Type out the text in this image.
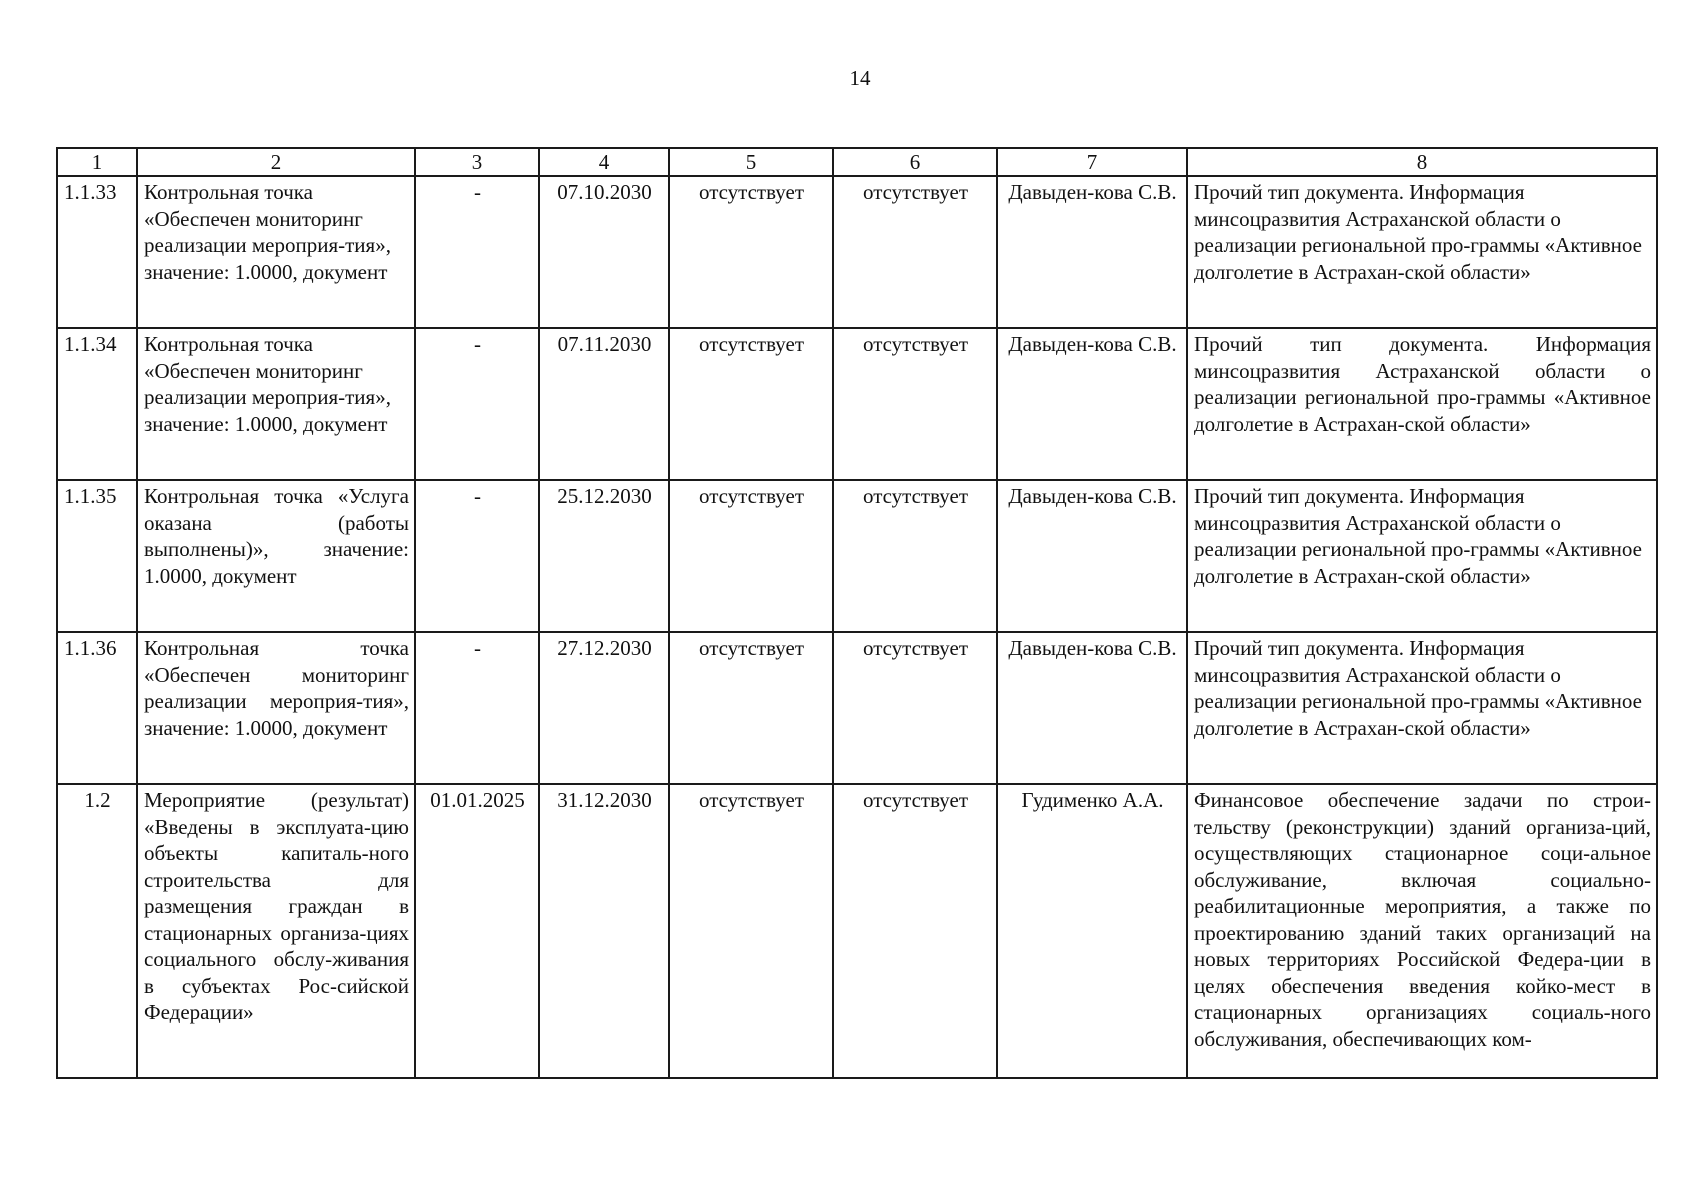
14
1	2	3	4	5	6	7	8
1.1.33	Контрольная точка «Обеспечен мониторинг реализации мероприя-тия», значение: 1.0000, документ	-	07.10.2030	отсутствует	отсутствует	Давыден-кова С.В.	Прочий тип документа. Информация минсоцразвития Астраханской области о реализации региональной про-граммы «Активное долголетие в Астрахан-ской области»
1.1.34	Контрольная точка «Обеспечен мониторинг реализации мероприя-тия», значение: 1.0000, документ	-	07.11.2030	отсутствует	отсутствует	Давыден-кова С.В.	Прочий тип документа. Информация минсоцразвития Астраханской области о реализации региональной про-граммы «Активное долголетие в Астрахан-ской области»
1.1.35	Контрольная точка «Услуга оказана (работы выполнены)», значение: 1.0000, документ	-	25.12.2030	отсутствует	отсутствует	Давыден-кова С.В.	Прочий тип документа. Информация минсоцразвития Астраханской области о реализации региональной про-граммы «Активное долголетие в Астрахан-ской области»
1.1.36	Контрольная точка «Обеспечен мониторинг реализации мероприя-тия», значение: 1.0000, документ	-	27.12.2030	отсутствует	отсутствует	Давыден-кова С.В.	Прочий тип документа. Информация минсоцразвития Астраханской области о реализации региональной про-граммы «Активное долголетие в Астрахан-ской области»
1.2	Мероприятие (результат) «Введены в эксплуата-цию объекты капиталь-ного строительства для размещения граждан в стационарных организа-циях социального обслу-живания в субъектах Рос-сийской Федерации»	01.01.2025	31.12.2030	отсутствует	отсутствует	Гудименко А.А.	Финансовое обеспечение задачи по строи-тельству (реконструкции) зданий организа-ций, осуществляющих стационарное соци-альное обслуживание, включая социально-реабилитационные мероприятия, а также по проектированию зданий таких организаций на новых территориях Российской Федера-ции в целях обеспечения введения койко-мест в стационарных организациях социаль-ного обслуживания, обеспечивающих ком-
